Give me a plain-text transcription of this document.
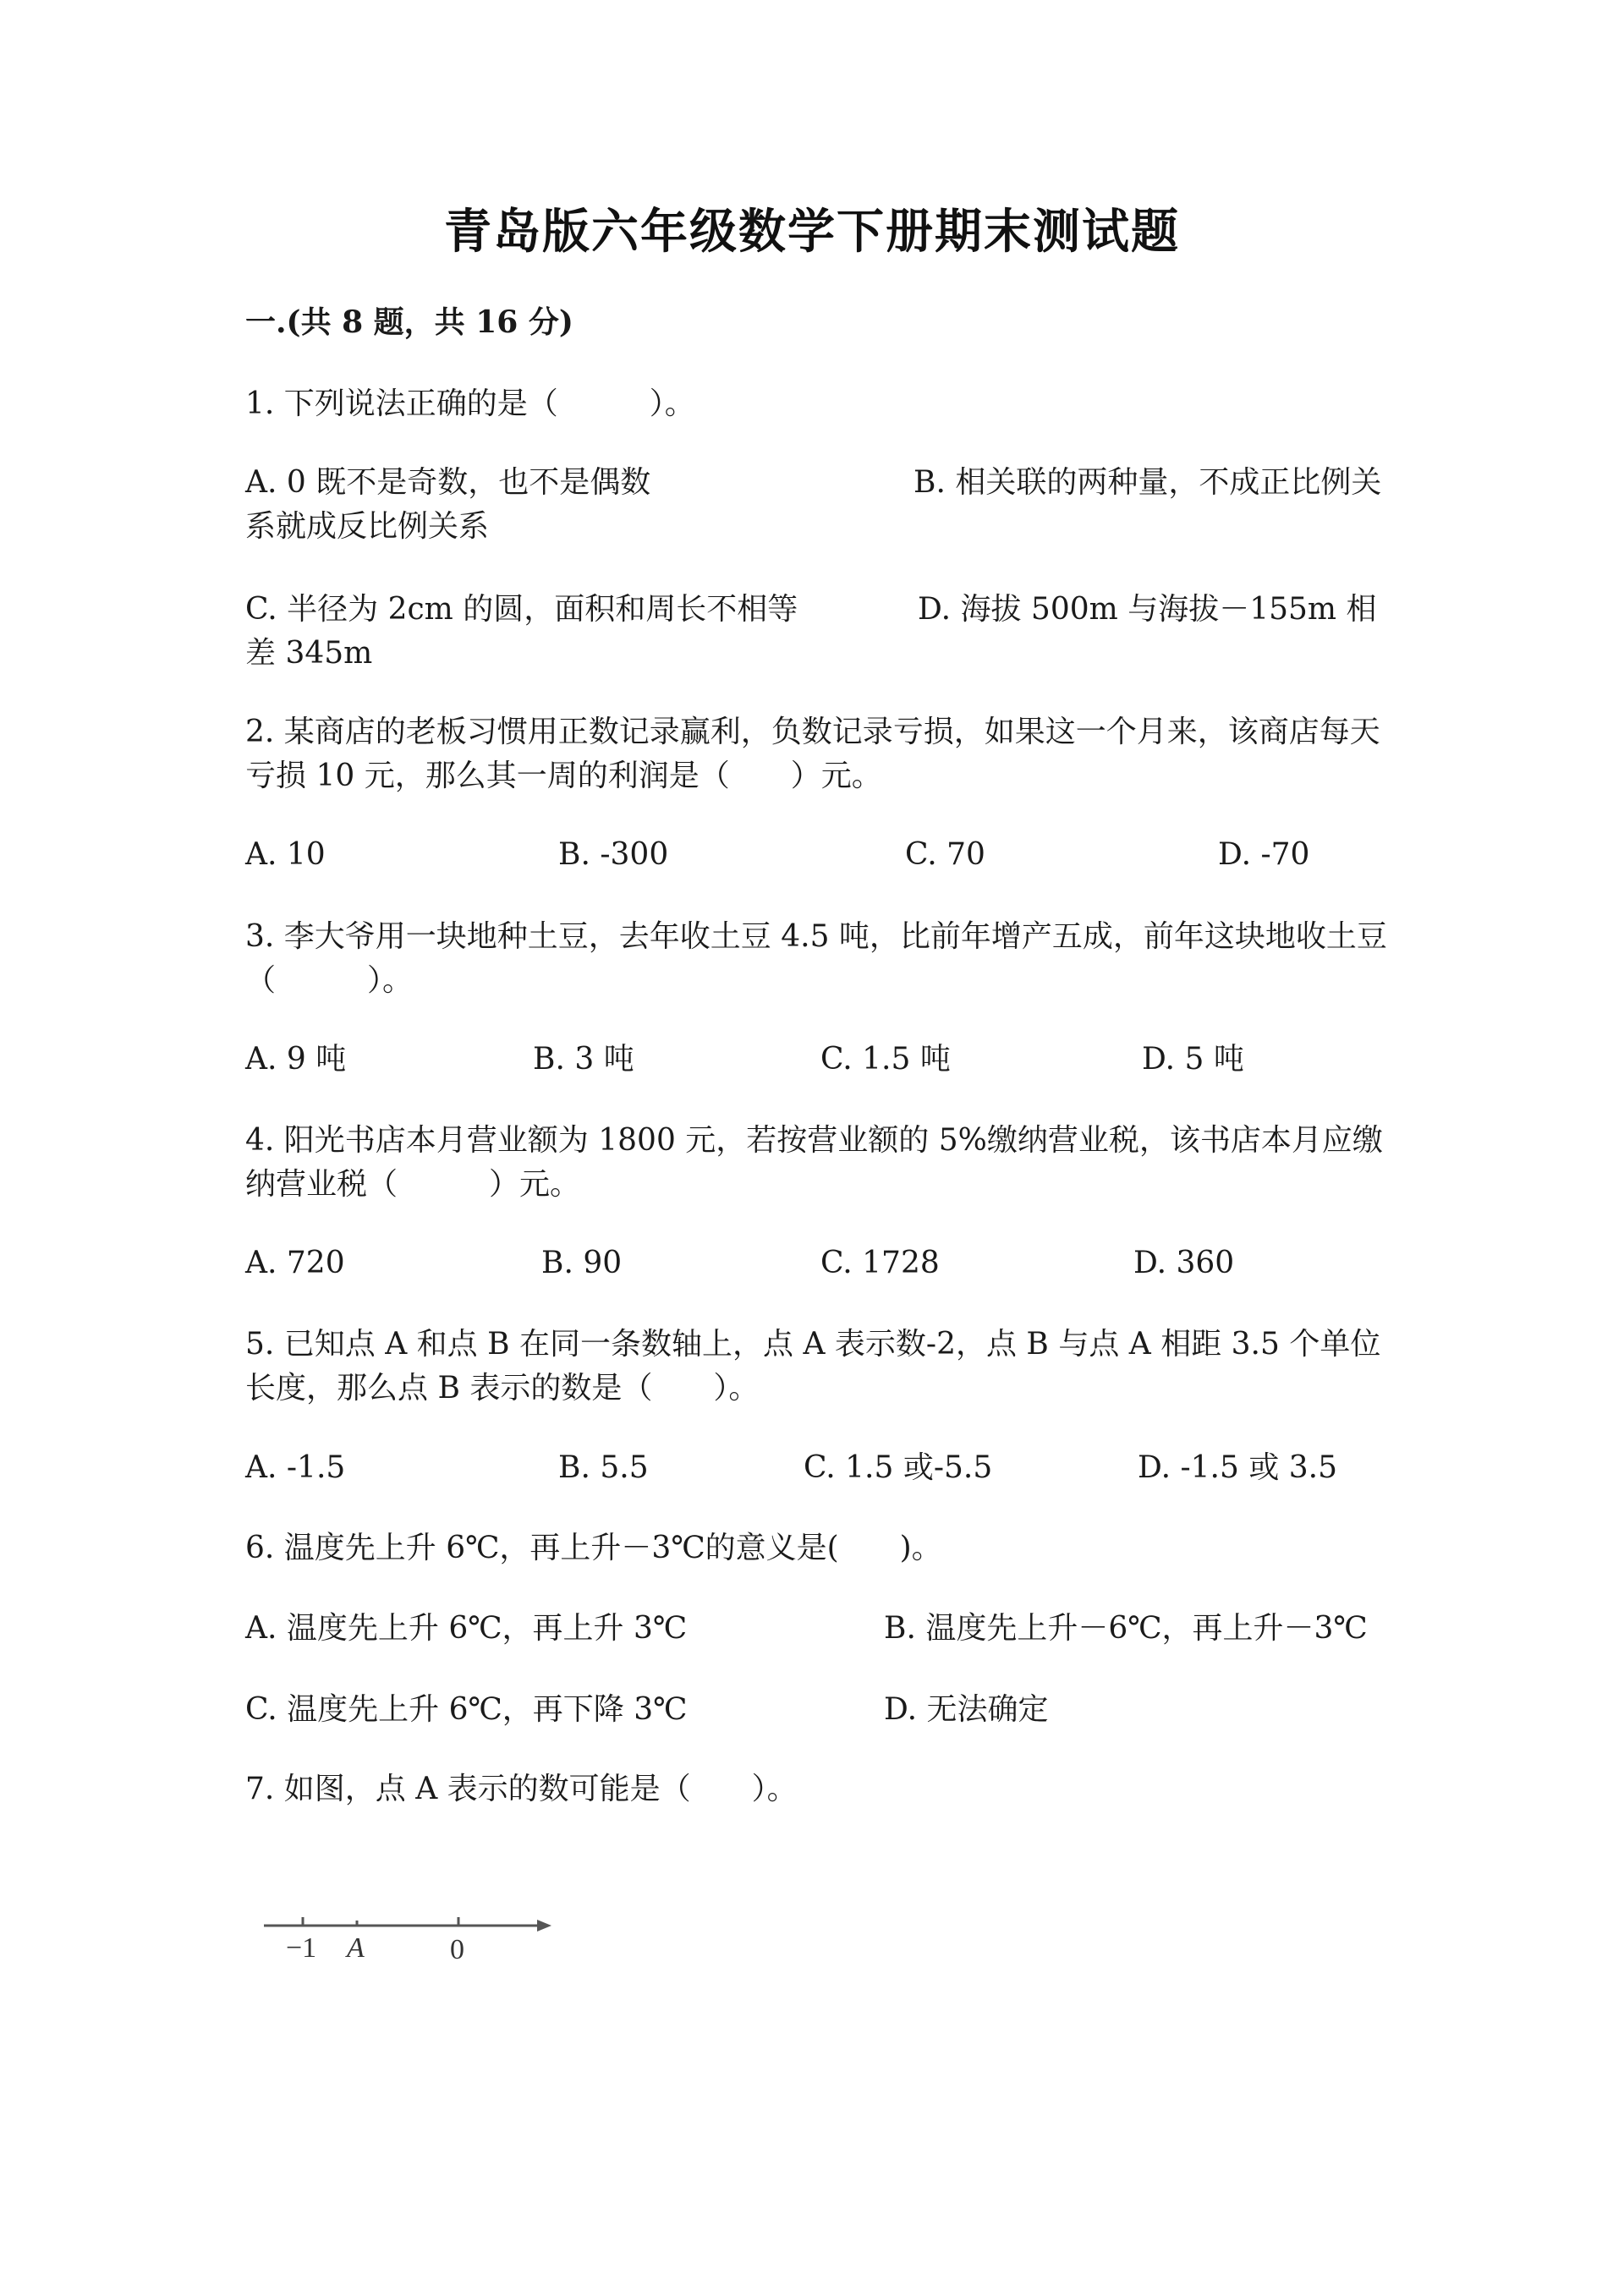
青岛版六年级数学下册期末测试题
一.(共 8 题，共 16 分)
1. 下列说法正确的是（　　　）。
A. 0 既不是奇数，也不是偶数	B. 相关联的两种量，不成正比例关系就成反比例关系
C. 半径为 2cm 的圆，面积和周长不相等	D. 海拔 500m 与海拔－155m 相差 345m
2. 某商店的老板习惯用正数记录赢利，负数记录亏损，如果这一个月来，该商店每天亏损 10 元，那么其一周的利润是（　　）元。
A. 10	B. -300	C. 70	D. -70
3. 李大爷用一块地种土豆，去年收土豆 4.5 吨，比前年增产五成，前年这块地收土豆（　　　）。
A. 9 吨	B. 3 吨	C. 1.5 吨	D. 5 吨
4. 阳光书店本月营业额为 1800 元，若按营业额的 5%缴纳营业税，该书店本月应缴纳营业税（　　　）元。
A. 720	B. 90	C. 1728	D. 360
5. 已知点 A 和点 B 在同一条数轴上，点 A 表示数-2，点 B 与点 A 相距 3.5 个单位长度，那么点 B 表示的数是（　　）。
A. -1.5	B. 5.5	C. 1.5 或-5.5	D. -1.5 或 3.5
6. 温度先上升 6℃，再上升－3℃的意义是(　　)。
A. 温度先上升 6℃，再上升 3℃	B. 温度先上升－6℃，再上升－3℃
C. 温度先上升 6℃，再下降 3℃	D. 无法确定
7. 如图，点 A 表示的数可能是（　　）。
−1 A	0
